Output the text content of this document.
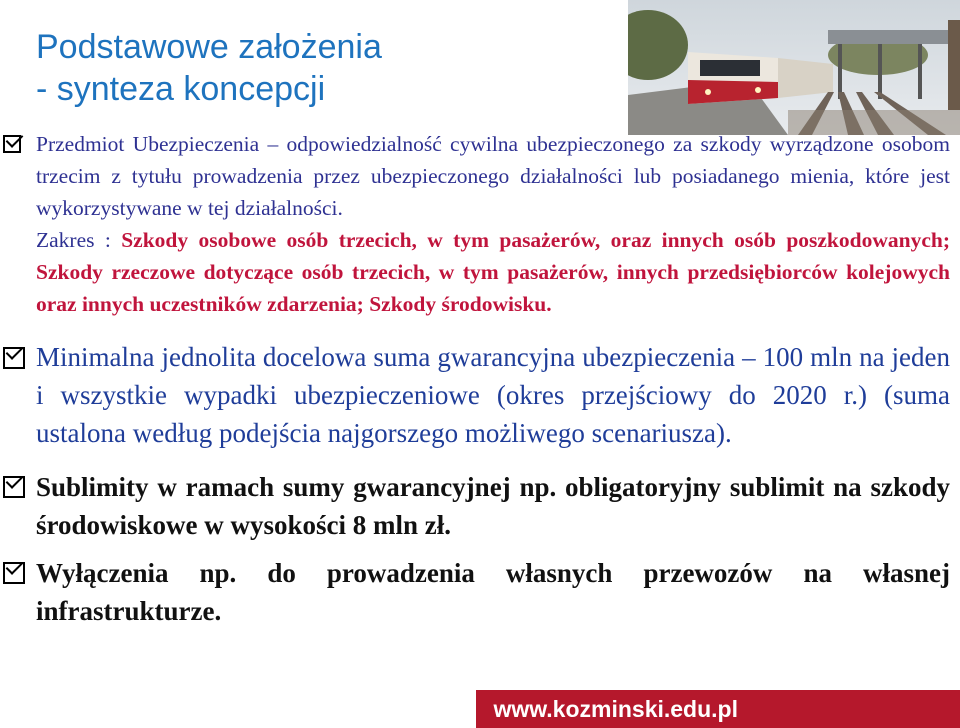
Podstawowe założenia
- synteza koncepcji

Przedmiot Ubezpieczenia – odpowiedzialność cywilna ubezpieczonego za szkody wyrządzone osobom trzecim z tytułu prowadzenia przez ubezpieczonego działalności lub posiadanego mienia, które jest wykorzystywane w tej działalności.

Zakres : Szkody osobowe osób trzecich, w tym pasażerów, oraz innych osób poszkodowanych; Szkody rzeczowe dotyczące osób trzecich, w tym pasażerów, innych przedsiębiorców kolejowych oraz innych uczestników zdarzenia; Szkody środowisku.

Minimalna jednolita docelowa suma gwarancyjna ubezpieczenia – 100 mln na jeden i wszystkie wypadki ubezpieczeniowe (okres przejściowy do 2020 r.) (suma ustalona według podejścia najgorszego możliwego scenariusza).

Sublimity w ramach sumy gwarancyjnej np. obligatoryjny sublimit na szkody środowiskowe w wysokości 8 mln zł.

Wyłączenia np. do prowadzenia własnych przewozów na własnej infrastrukturze.

www.kozminski.edu.pl
